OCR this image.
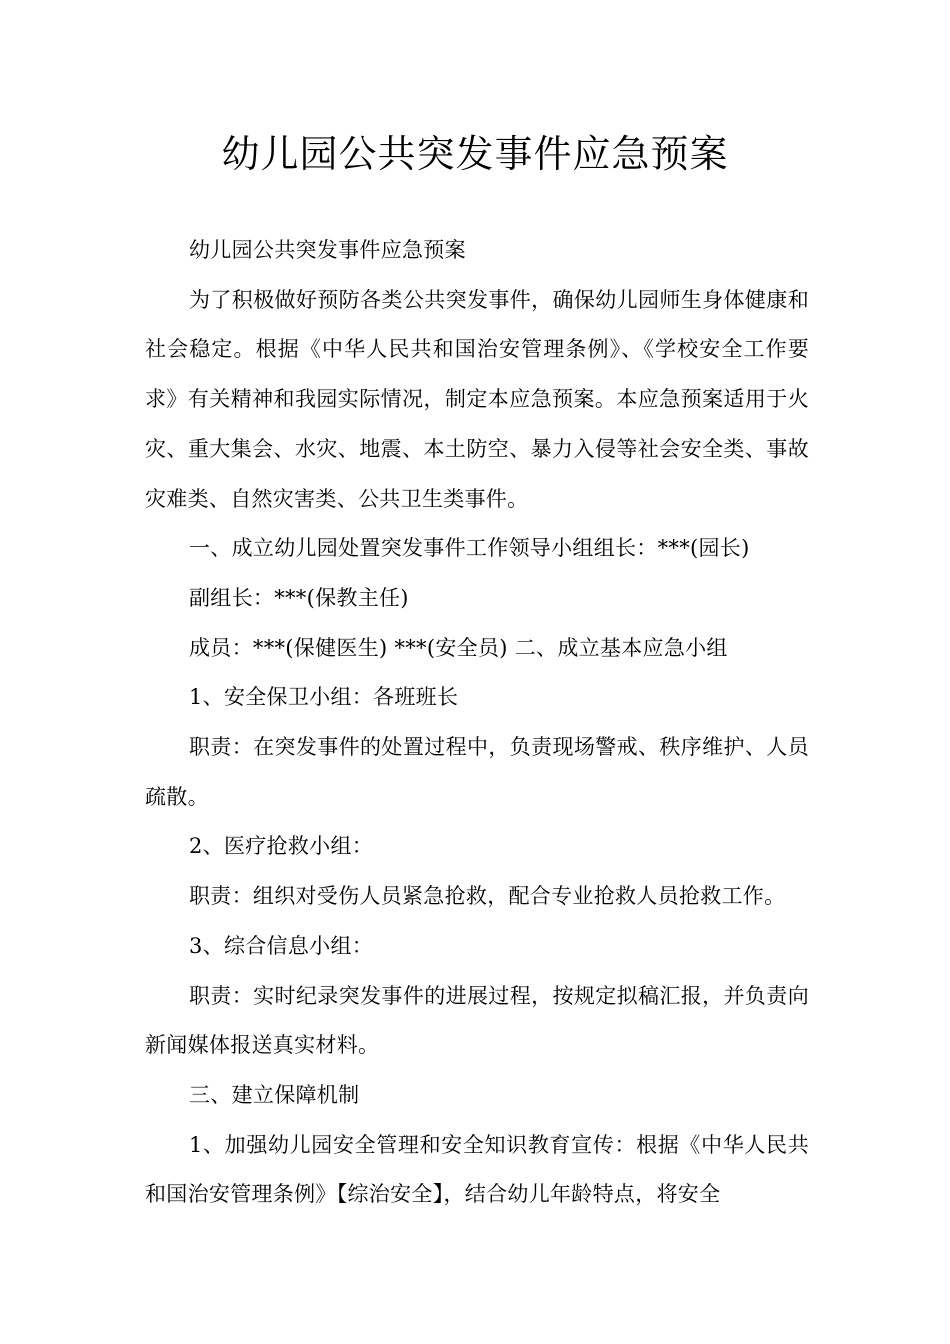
幼儿园公共突发事件应急预案

幼儿园公共突发事件应急预案

为了积极做好预防各类公共突发事件，确保幼儿园师生身体健康和社会稳定。根据《中华人民共和国治安管理条例》、《学校安全工作要求》有关精神和我园实际情况，制定本应急预案。本应急预案适用于火灾、重大集会、水灾、地震、本土防空、暴力入侵等社会安全类、事故灾难类、自然灾害类、公共卫生类事件。

一、成立幼儿园处置突发事件工作领导小组组长：***(园长)

副组长：***(保教主任)

成员：***(保健医生) ***(安全员) 二、成立基本应急小组

1、安全保卫小组：各班班长

职责：在突发事件的处置过程中，负责现场警戒、秩序维护、人员疏散。

2、医疗抢救小组：

职责：组织对受伤人员紧急抢救，配合专业抢救人员抢救工作。

3、综合信息小组：

职责：实时纪录突发事件的进展过程，按规定拟稿汇报，并负责向新闻媒体报送真实材料。

三、建立保障机制

1、加强幼儿园安全管理和安全知识教育宣传：根据《中华人民共和国治安管理条例》【综治安全】，结合幼儿年龄特点，将安全
